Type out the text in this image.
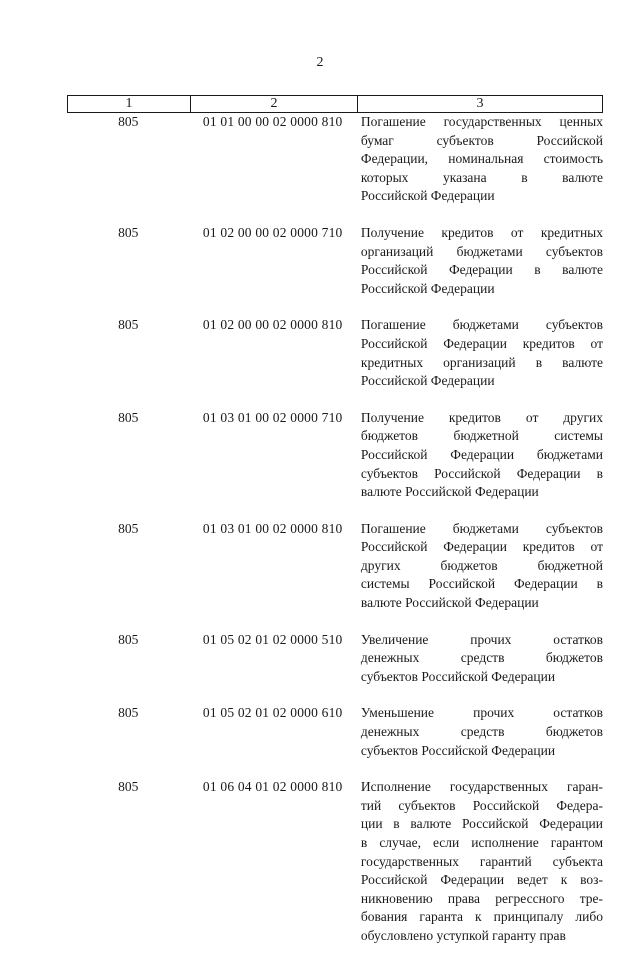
2
1	2	3
805	01 01 00 00 02 0000 810	Погашение государственных ценных
бумаг субъектов Российской
Федерации, номинальная стоимость
которых указана в валюте
Российской Федерации
805	01 02 00 00 02 0000 710	Получение кредитов от кредитных
организаций бюджетами субъектов
Российской Федерации в валюте
Российской Федерации
805	01 02 00 00 02 0000 810	Погашение бюджетами субъектов
Российской Федерации кредитов от
кредитных организаций в валюте
Российской Федерации
805	01 03 01 00 02 0000 710	Получение кредитов от других
бюджетов бюджетной системы
Российской Федерации бюджетами
субъектов Российской Федерации в
валюте Российской Федерации
805	01 03 01 00 02 0000 810	Погашение бюджетами субъектов
Российской Федерации кредитов от
других бюджетов бюджетной
системы Российской Федерации в
валюте Российской Федерации
805	01 05 02 01 02 0000 510	Увеличение прочих остатков
денежных средств бюджетов
субъектов Российской Федерации
805	01 05 02 01 02 0000 610	Уменьшение прочих остатков
денежных средств бюджетов
субъектов Российской Федерации
805	01 06 04 01 02 0000 810	Исполнение государственных гаран-
тий субъектов Российской Федера-
ции в валюте Российской Федерации
в случае, если исполнение гарантом
государственных гарантий субъекта
Российской Федерации ведет к воз-
никновению права регрессного тре-
бования гаранта к принципалу либо
обусловлено уступкой гаранту прав
